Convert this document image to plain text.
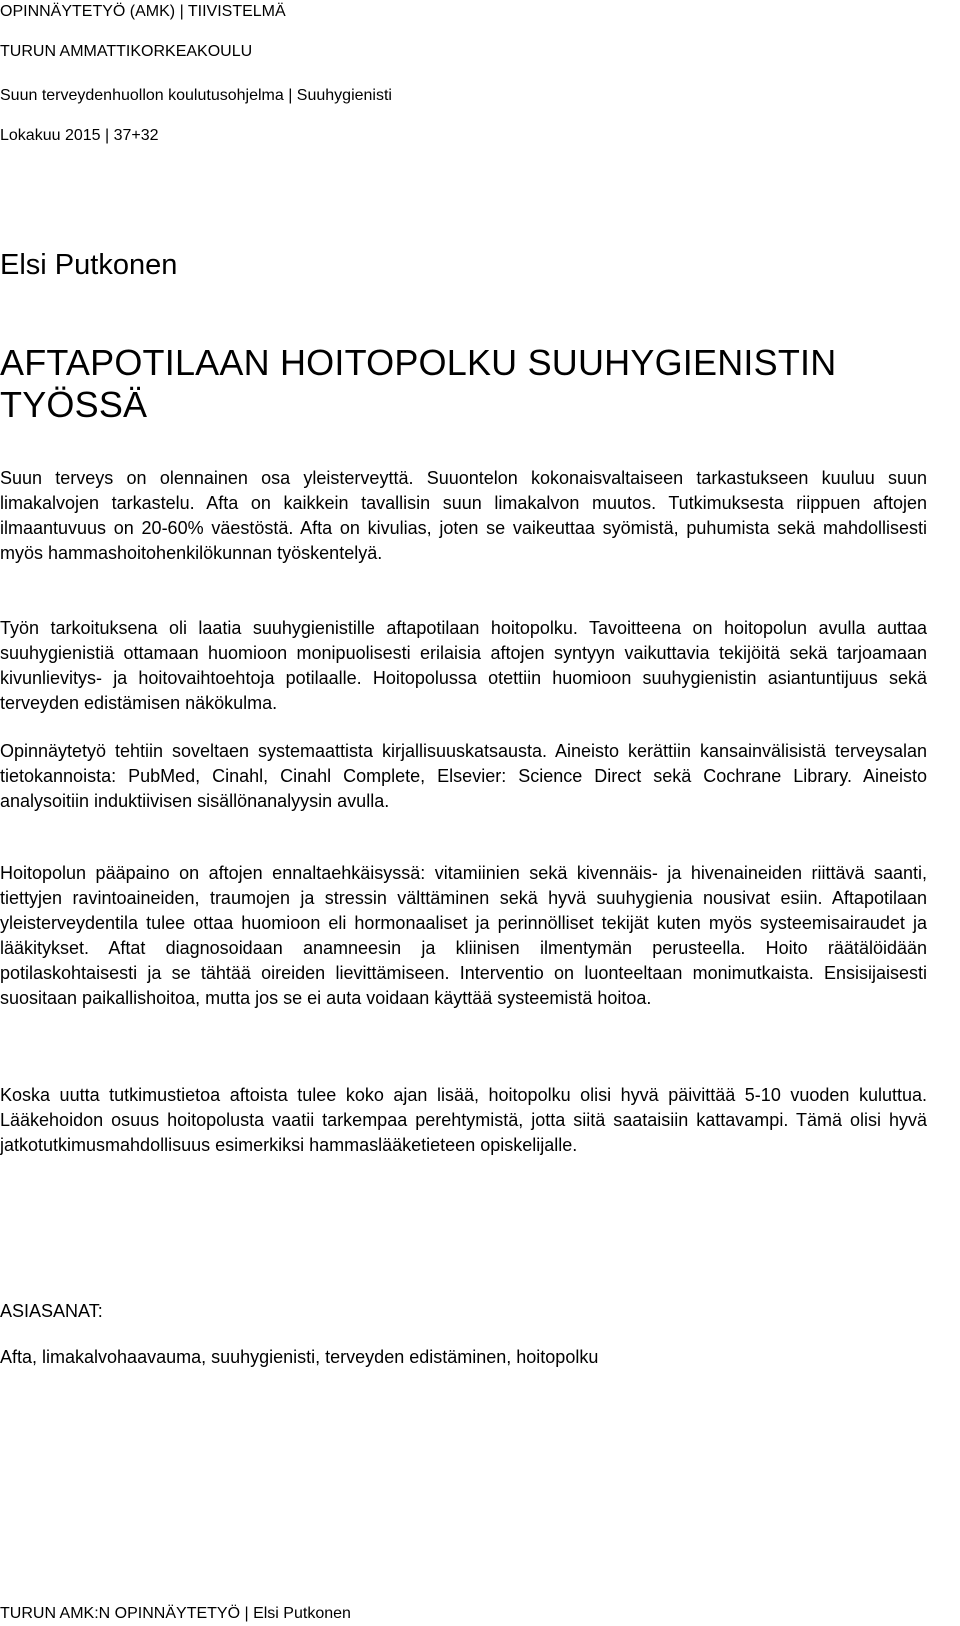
OPINNÄYTETYÖ (AMK) | TIIVISTELMÄ
TURUN AMMATTIKORKEAKOULU
Suun terveydenhuollon koulutusohjelma | Suuhygienisti
Lokakuu 2015 | 37+32
Elsi Putkonen
AFTAPOTILAAN HOITOPOLKU SUUHYGIENISTIN TYÖSSÄ

Suun terveys on olennainen osa yleisterveyttä. Suuontelon kokonaisvaltaiseen tarkastukseen kuuluu suun limakalvojen tarkastelu. Afta on kaikkein tavallisin suun limakalvon muutos. Tutkimuksesta riippuen aftojen ilmaantuvuus on 20-60% väestöstä. Afta on kivulias, joten se vaikeuttaa syömistä, puhumista sekä mahdollisesti myös hammashoitohenkilökunnan työskentelyä.

Työn tarkoituksena oli laatia suuhygienistille aftapotilaan hoitopolku. Tavoitteena on hoitopolun avulla auttaa suuhygienistiä ottamaan huomioon monipuolisesti erilaisia aftojen syntyyn vaikuttavia tekijöitä sekä tarjoamaan kivunlievitys- ja hoitovaihtoehtoja potilaalle. Hoitopolussa otettiin huomioon suuhygienistin asiantuntijuus sekä terveyden edistämisen näkökulma.

Opinnäytetyö tehtiin soveltaen systemaattista kirjallisuuskatsausta. Aineisto kerättiin kansainvälisistä terveysalan tietokannoista: PubMed, Cinahl, Cinahl Complete, Elsevier: Science Direct sekä Cochrane Library. Aineisto analysoitiin induktiivisen sisällönanalyysin avulla.

Hoitopolun pääpaino on aftojen ennaltaehkäisyssä: vitamiinien sekä kivennäis- ja hivenaineiden riittävä saanti, tiettyjen ravintoaineiden, traumojen ja stressin välttäminen sekä hyvä suuhygienia nousivat esiin. Aftapotilaan yleisterveydentila tulee ottaa huomioon eli hormonaaliset ja perinnölliset tekijät kuten myös systeemisairaudet ja lääkitykset. Aftat diagnosoidaan anamneesin ja kliinisen ilmentymän perusteella. Hoito räätälöidään potilaskohtaisesti ja se tähtää oireiden lievittämiseen. Interventio on luonteeltaan monimutkaista. Ensisijaisesti suositaan paikallishoitoa, mutta jos se ei auta voidaan käyttää systeemistä hoitoa.

Koska uutta tutkimustietoa aftoista tulee koko ajan lisää, hoitopolku olisi hyvä päivittää 5-10 vuoden kuluttua. Lääkehoidon osuus hoitopolusta vaatii tarkempaa perehtymistä, jotta siitä saataisiin kattavampi. Tämä olisi hyvä jatkotutkimusmahdollisuus esimerkiksi hammaslääketieteen opiskelijalle.

ASIASANAT:
Afta, limakalvohaavauma, suuhygienisti, terveyden edistäminen, hoitopolku
TURUN AMK:N OPINNÄYTETYÖ | Elsi Putkonen
